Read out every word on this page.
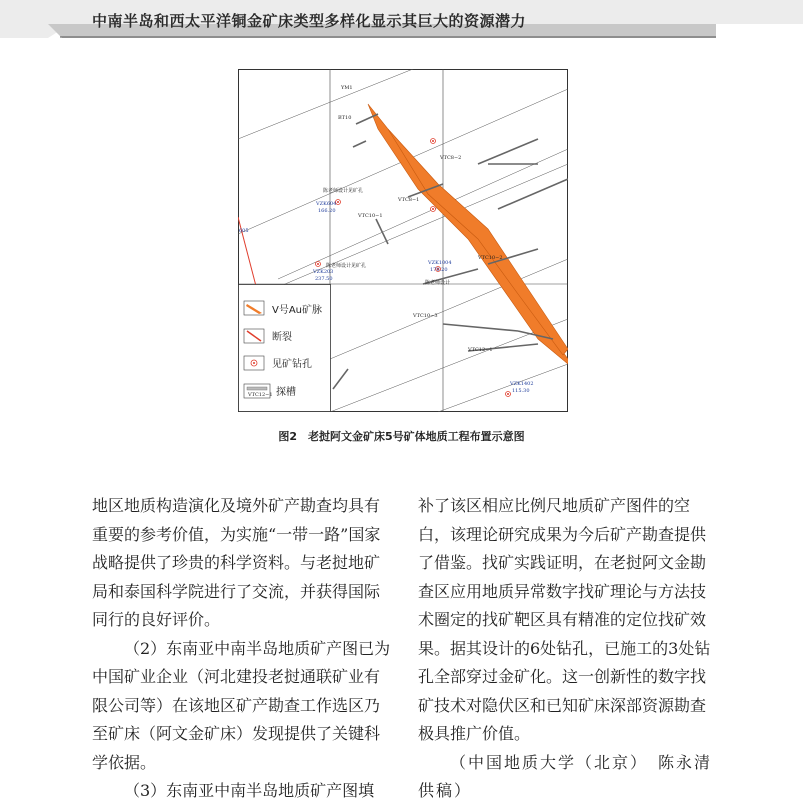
中南半岛和西太平洋铜金矿床类型多样化显示其巨大的资源潜力
YM1
BT10
VTC8−2
VTC8−1
VTC10−1
VTC10−2
VTC10−3
VTC12−1
陈老师设计见矿孔
陈老师设计见矿孔
陈老师设计
VZK604
166.20
VZK203
237.50
VZK1004
170.20
VZK1402
115.30
605
Ⅴ号Au矿脉
断裂
见矿钻孔
VTC12−1 探槽
图2　老挝阿文金矿床5号矿体地质工程布置示意图

地区地质构造演化及境外矿产勘查均具有重要的参考价值，为实施“一带一路”国家战略提供了珍贵的科学资料。与老挝地矿局和泰国科学院进行了交流，并获得国际同行的良好评价。

（2）东南亚中南半岛地质矿产图已为中国矿业企业（河北建投老挝通联矿业有限公司等）在该地区矿产勘查工作选区乃至矿床（阿文金矿床）发现提供了关键科学依据。

（3）东南亚中南半岛地质矿产图填

补了该区相应比例尺地质矿产图件的空白，该理论研究成果为今后矿产勘查提供了借鉴。找矿实践证明，在老挝阿文金勘查区应用地质异常数字找矿理论与方法技术圈定的找矿靶区具有精准的定位找矿效果。据其设计的6处钻孔，已施工的3处钻孔全部穿过金矿化。这一创新性的数字找矿技术对隐伏区和已知矿床深部资源勘查极具推广价值。

（中国地质大学（北京）　陈永清供稿）
